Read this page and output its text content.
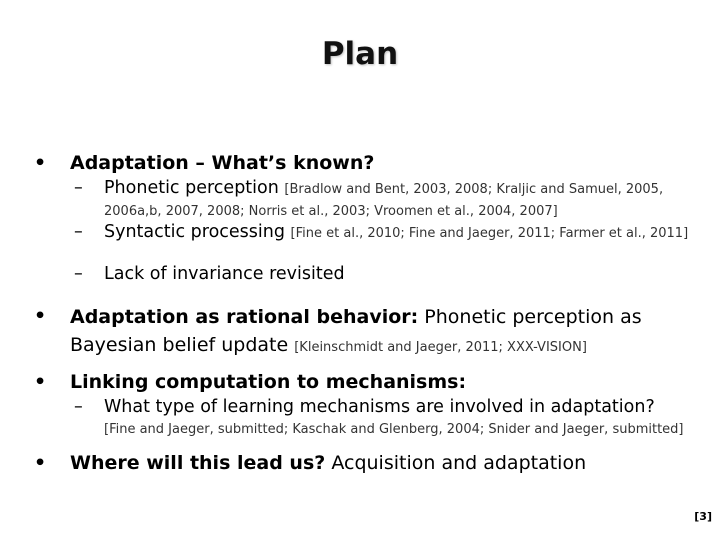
Plan
• Adaptation – What’s known?
– Phonetic perception [Bradlow and Bent, 2003, 2008; Kraljic and Samuel, 2005, 2006a,b, 2007, 2008; Norris et al., 2003; Vroomen et al., 2004, 2007]
– Syntactic processing [Fine et al., 2010; Fine and Jaeger, 2011; Farmer et al., 2011]
– Lack of invariance revisited
• Adaptation as rational behavior: Phonetic perception as Bayesian belief update [Kleinschmidt and Jaeger, 2011; XXX-VISION]
• Linking computation to mechanisms:
– What type of learning mechanisms are involved in adaptation?
[Fine and Jaeger, submitted; Kaschak and Glenberg, 2004; Snider and Jaeger, submitted]
• Where will this lead us? Acquisition and adaptation
[3]
